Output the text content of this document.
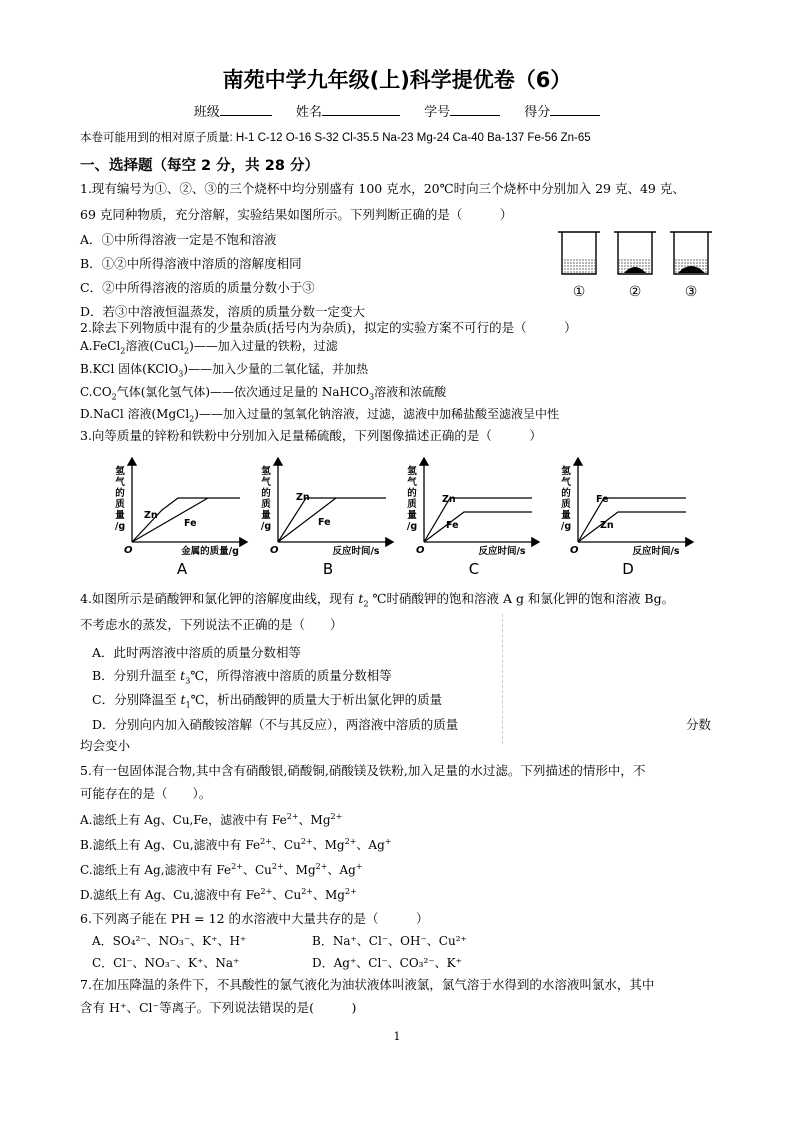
南苑中学九年级(上)科学提优卷（6）
班级	姓名	学号	得分
本卷可能用到的相对原子质量: H-1 C-12 O-16 S-32 Cl-35.5 Na-23 Mg-24 Ca-40 Ba-137 Fe-56 Zn-65
一、选择题（每空 2 分，共 28 分）
1.现有编号为①、②、③的三个烧杯中均分别盛有 100 克水，20℃时向三个烧杯中分别加入 29 克、49 克、
69 克同种物质，充分溶解，实验结果如图所示。下列判断正确的是（　　　）
A．①中所得溶液一定是不饱和溶液
B．①②中所得溶液中溶质的溶解度相同
C．②中所得溶液的溶质的质量分数小于③
D．若③中溶液恒温蒸发，溶质的质量分数一定变大
①	②	③
2.除去下列物质中混有的少量杂质(括号内为杂质)，拟定的实验方案不可行的是（　　　）
A.FeCl$_2$溶液(CuCl$_2$)——加入过量的铁粉，过滤
B.KCl 固体(KClO$_3$)——加入少量的二氧化锰，并加热
$C.CO_2$气体(氯化氢气体)——依次通过足量的 NaHCO$_3$溶液和浓硫酸
D.NaCl 溶液(MgCl$_2$)——加入过量的氢氧化钠溶液，过滤，滤液中加稀盐酸至滤液呈中性
3.向等质量的锌粉和铁粉中分别加入足量稀硫酸，下列图像描述正确的是（　　　）
氢
气
的
质
量
/g
O	金属的质量/g
A
Zn
Fe
氢
气
的
质
量
/g
O	反应时间/s
B
Zn
Fe
氢
气
的
质
量
/g
O	反应时间/s
C
Zn
Fe
氢
气
的
质
量
/g
O	反应时间/s
D
Fe
Zn
4.如图所示是硝酸钾和氯化钾的溶解度曲线，现有 $t_2$ ℃时硝酸钾的饱和溶液 A g 和氯化钾的饱和溶液 Bg。
不考虑水的蒸发，下列说法不正确的是（　　）
A．此时两溶液中溶质的质量分数相等
B．分别升温至 $t_3℃$，所得溶液中溶质的质量分数相等
C．分别降温至 $t_1℃$，析出硝酸钾的质量大于析出氯化钾的质量
D．分别向内加入硝酸铵溶解（不与其反应），两溶液中溶质的质量	分数
均会变小
5.有一包固体混合物,其中含有硝酸银,硝酸铜,硝酸镁及铁粉,加入足量的水过滤。下列描述的情形中，不
可能存在的是（　　）。
A.滤纸上有 Ag、Cu,Fe，滤液中有 $Fe^{2+}$、$Mg^{2+}$
B.滤纸上有 Ag、Cu,滤液中有 $Fe^{2+}$、$Cu^{2+}$、$Mg^{2+}$、Ag+
C.滤纸上有 Ag,滤液中有 $Fe^{2+}$、$Cu^{2+}$、$Mg^{2+}$、Ag+
D.滤纸上有 Ag、Cu,滤液中有 $Fe^{2+}$、$Cu^{2+}$、$Mg^{2+}$
6.下列离子能在 PH = 12 的水溶液中大量共存的是（　　　）
A．SO₄²⁻、NO₃⁻、K⁺、H⁺	B．Na⁺、Cl⁻、OH⁻、Cu²⁺
C．Cl⁻、NO₃⁻、K⁺、Na⁺	D．Ag⁺、Cl⁻、CO₃²⁻、K⁺
7.在加压降温的条件下，不具酸性的氯气液化为油状液体叫液氯，氯气溶于水得到的水溶液叫氯水，其中
含有 H⁺、Cl⁻等离子。下列说法错误的是(　　　)
1
